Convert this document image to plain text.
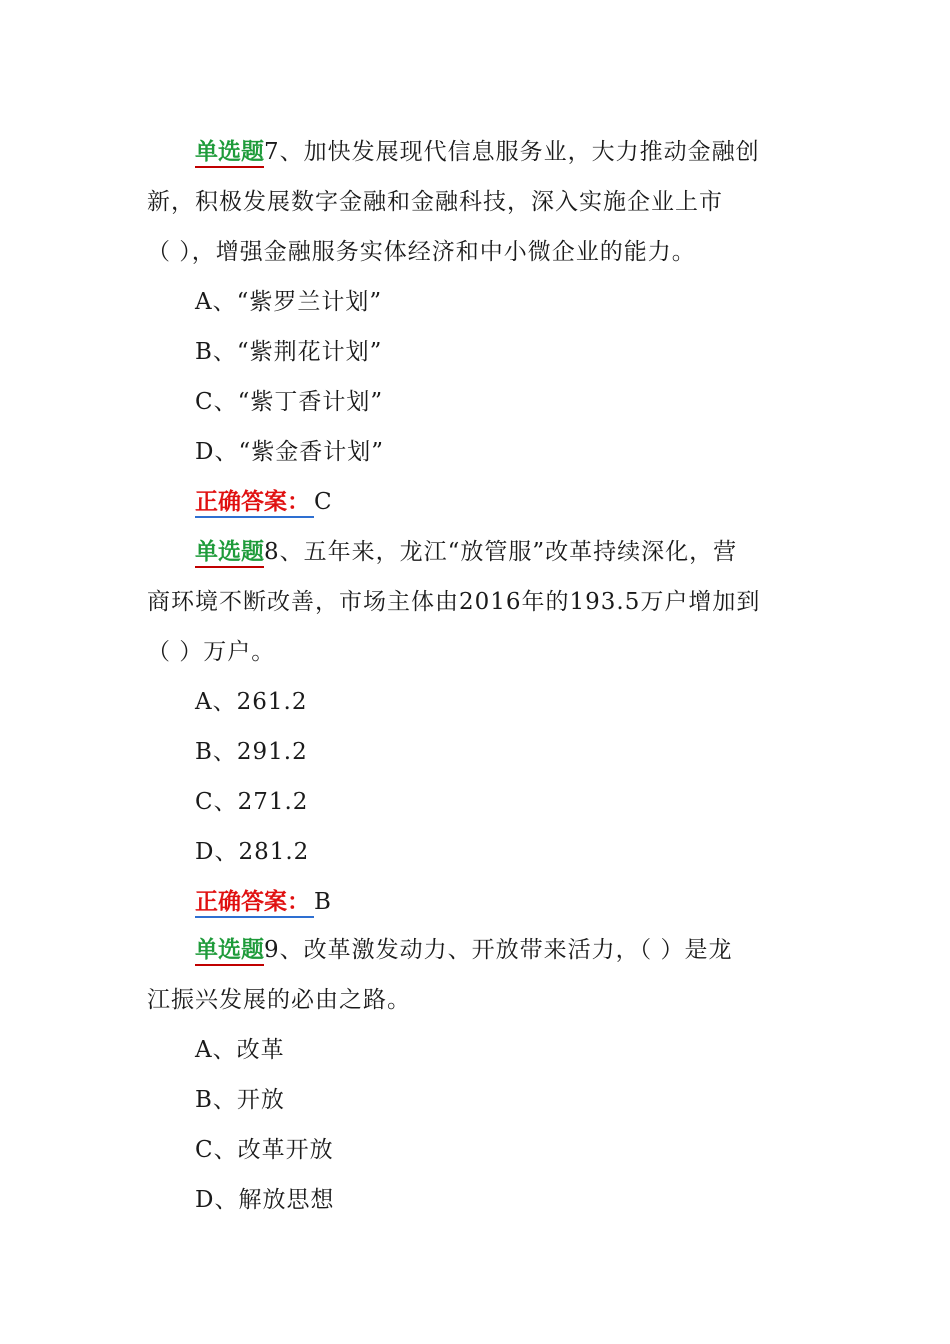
单选题7、加快发展现代信息服务业，大力推动金融创
新，积极发展数字金融和金融科技，深入实施企业上市
（ ），增强金融服务实体经济和中小微企业的能力。
A、“紫罗兰计划”
B、“紫荆花计划”
C、“紫丁香计划”
D、“紫金香计划”
正确答案： C
单选题8、五年来，龙江“放管服”改革持续深化，营
商环境不断改善，市场主体由2016年的193.5万户增加到
（ ）万户。
A、261.2
B、291.2
C、271.2
D、281.2
正确答案： B
单选题9、改革激发动力、开放带来活力，（ ）是龙
江振兴发展的必由之路。
A、改革
B、开放
C、改革开放
D、解放思想
